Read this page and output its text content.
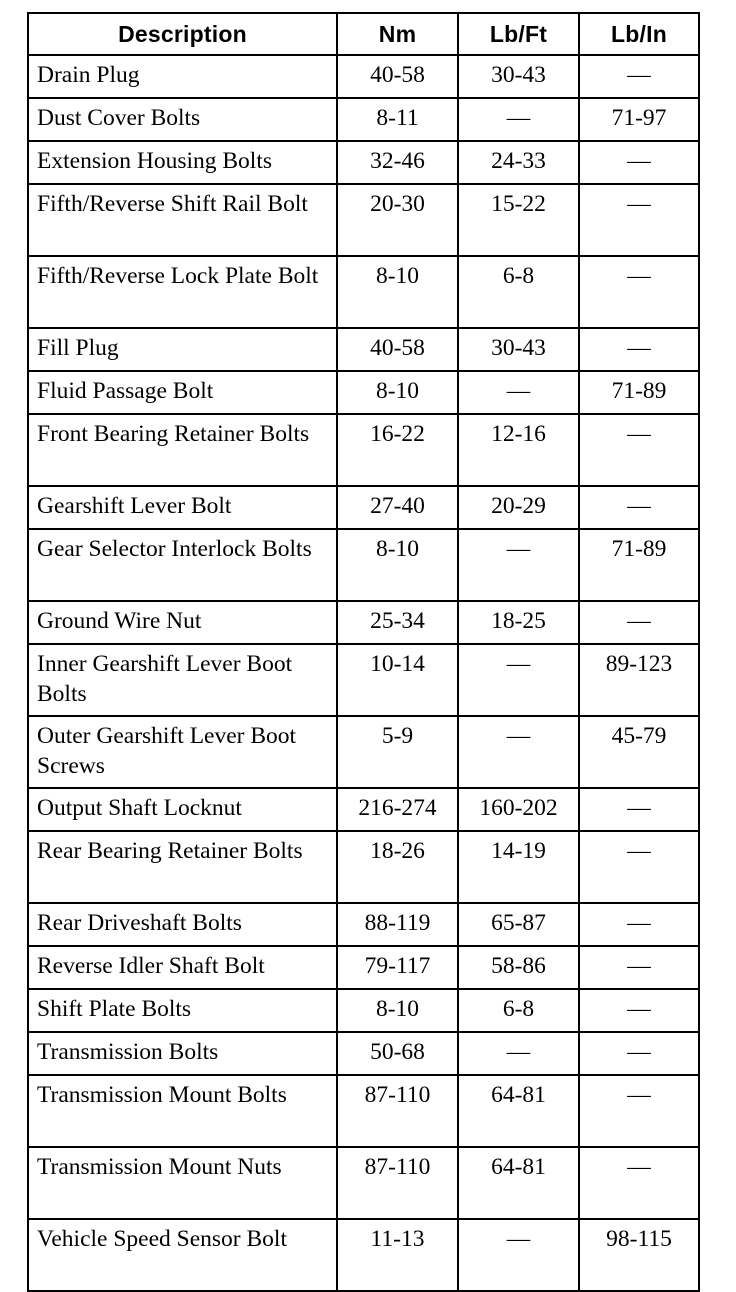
Description	Nm	Lb/Ft	Lb/In
Drain Plug	40-58	30-43	—
Dust Cover Bolts	8-11	—	71-97
Extension Housing Bolts	32-46	24-33	—
Fifth/Reverse Shift Rail Bolt	20-30	15-22	—
Fifth/Reverse Lock Plate Bolt	8-10	6-8	—
Fill Plug	40-58	30-43	—
Fluid Passage Bolt	8-10	—	71-89
Front Bearing Retainer Bolts	16-22	12-16	—
Gearshift Lever Bolt	27-40	20-29	—
Gear Selector Interlock Bolts	8-10	—	71-89
Ground Wire Nut	25-34	18-25	—
Inner Gearshift Lever Boot Bolts	10-14	—	89-123
Outer Gearshift Lever Boot Screws	5-9	—	45-79
Output Shaft Locknut	216-274	160-202	—
Rear Bearing Retainer Bolts	18-26	14-19	—
Rear Driveshaft Bolts	88-119	65-87	—
Reverse Idler Shaft Bolt	79-117	58-86	—
Shift Plate Bolts	8-10	6-8	—
Transmission Bolts	50-68	—	—
Transmission Mount Bolts	87-110	64-81	—
Transmission Mount Nuts	87-110	64-81	—
Vehicle Speed Sensor Bolt	11-13	—	98-115
